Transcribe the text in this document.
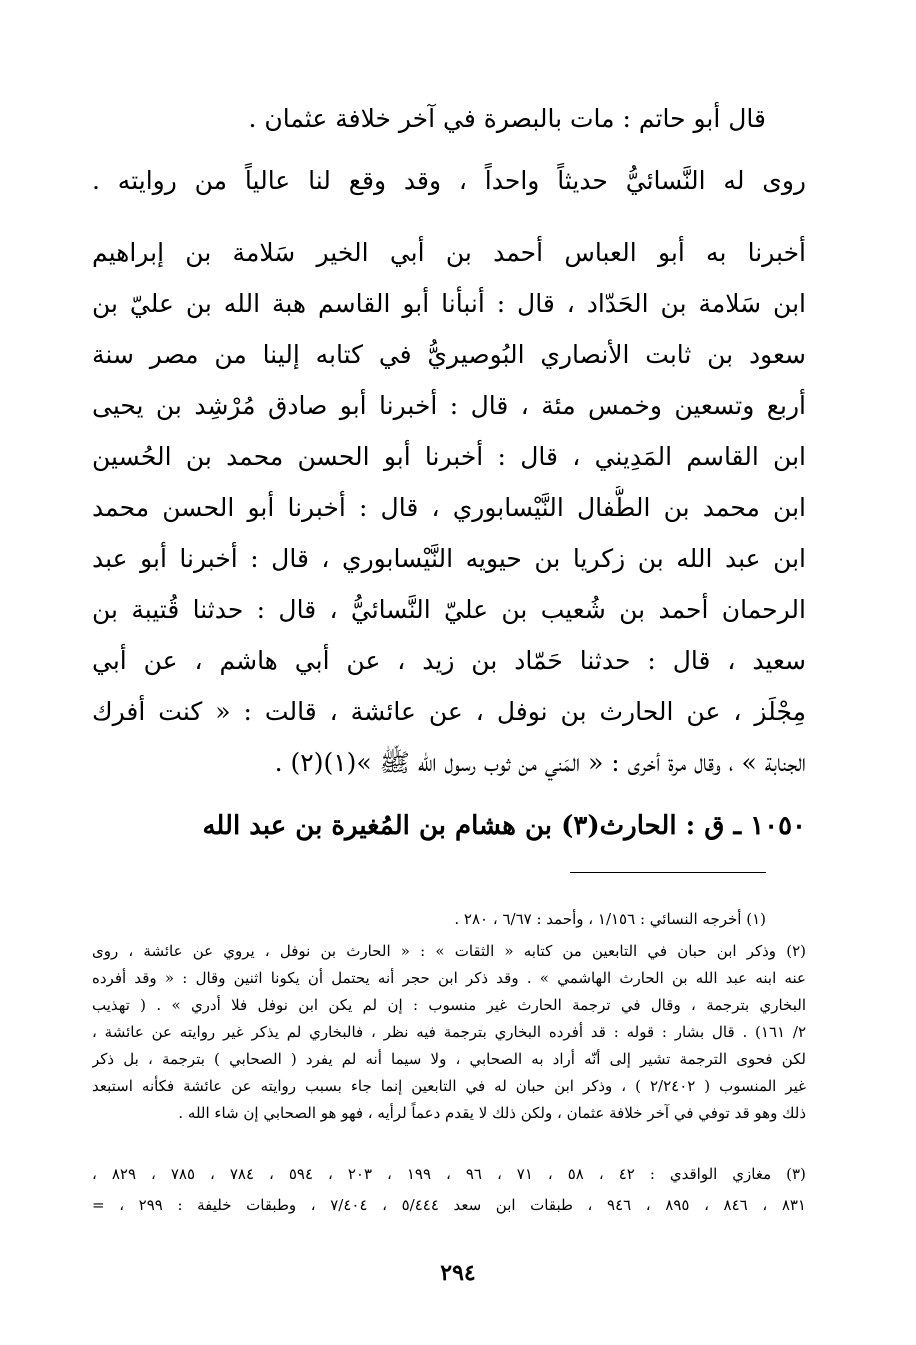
قال أبو حاتم : مات بالبصرة في آخر خلافة عثمان .
روى له النَّسائيُّ حديثاً واحداً ، وقد وقع لنا عالياً من روايته .
أخبرنا به أبو العباس أحمد بن أبي الخير سَلامة بن إبراهيم
ابن سَلامة بن الحَدّاد ، قال : أنبأنا أبو القاسم هبة الله بن عليّ بن
سعود بن ثابت الأنصاري البُوصيريُّ في كتابه إلينا من مصر سنة
أربع وتسعين وخمس مئة ، قال : أخبرنا أبو صادق مُرْشِد بن يحيى
ابن القاسم المَدِيني ، قال : أخبرنا أبو الحسن محمد بن الحُسين
ابن محمد بن الطُّفال النَّيْسابوري ، قال : أخبرنا أبو الحسن محمد
ابن عبد الله بن زكريا بن حيويه النَّيْسابوري ، قال : أخبرنا أبو عبد
الرحمان أحمد بن شُعيب بن عليّ النَّسائيُّ ، قال : حدثنا قُتيبة بن
سعيد ، قال : حدثنا حَمّاد بن زيد ، عن أبي هاشم ، عن أبي
مِجْلَز ، عن الحارث بن نوفل ، عن عائشة ، قالت : « كنت أفرك
الجنابة » ، وقال مرة أخرى : « المَني من ثوب رسول الله ﷺ »(١)(٢) .
١٠٥٠ ـ ق : الحارث(٣) بن هشام بن المُغيرة بن عبد الله
(١) أخرجه النسائي : ١/١٥٦ ، وأحمد : ٦/٦٧ ، ٢٨٠ .
(٢) وذكر ابن حبان في التابعين من كتابه « الثقات » : « الحارث بن نوفل ، يروي عن عائشة ، روى
عنه ابنه عبد الله بن الحارث الهاشمي » . وقد ذكر ابن حجر أنه يحتمل أن يكونا اثنين وقال : « وقد أفرده
البخاري بترجمة ، وقال في ترجمة الحارث غير منسوب : إن لم يكن ابن نوفل فلا أدري » . ( تهذيب
٢/ ١٦١) . قال بشار : قوله : قد أفرده البخاري بترجمة فيه نظر ، فالبخاري لم يذكر غير روايته عن عائشة ،
لكن فحوى الترجمة تشير إلى أنّه أراد به الصحابي ، ولا سيما أنه لم يفرد ( الصحابي ) بترجمة ، بل ذكر
غير المنسوب ( ٢/٢٤٠٢ ) ، وذكر ابن حبان له في التابعين إنما جاء بسبب روايته عن عائشة فكأنه استبعد
ذلك وهو قد توفي في آخر خلافة عثمان ، ولكن ذلك لا يقدم دعماً لرأيه ، فهو هو الصحابي إن شاء الله .
(٣) مغازي الواقدي : ٤٢ ، ٥٨ ، ٧١ ، ٩٦ ، ١٩٩ ، ٢٠٣ ، ٥٩٤ ، ٧٨٤ ، ٧٨٥ ، ٨٢٩ ،
٨٣١ ، ٨٤٦ ، ٨٩٥ ، ٩٤٦ ، طبقات ابن سعد ٥/٤٤٤ ، ٧/٤٠٤ ، وطبقات خليفة : ٢٩٩ ، =
٢٩٤
